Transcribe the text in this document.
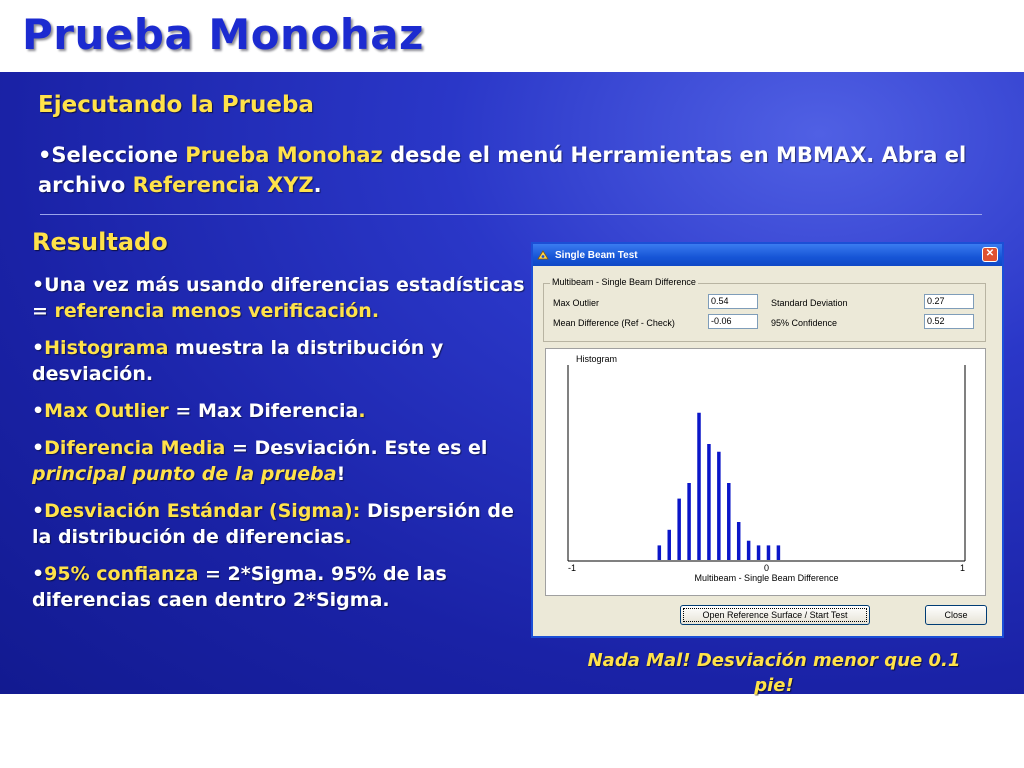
Prueba Monohaz
Ejecutando la Prueba
•Seleccione Prueba Monohaz desde el menú Herramientas en MBMAX. Abra el archivo Referencia XYZ.
Resultado

•Una vez más usando diferencias estadísticas = referencia menos verificación.

•Histograma muestra la distribución y desviación.

•Max Outlier = Max Diferencia.

•Diferencia Media = Desviación. Este es el principal punto de la prueba!

•Desviación Estándar (Sigma): Dispersión de la distribución de diferencias.

•95% confianza = 2*Sigma. 95% de las diferencias caen dentro 2*Sigma.

Single Beam Test	✕
Multibeam - Single Beam Difference
Max Outlier	0.54
Mean Difference (Ref - Check)	-0.06
Standard Deviation	0.27
95% Confidence	0.52
Histogram
-1	0	1
Multibeam - Single Beam Difference
Open Reference Surface / Start Test	Close
Nada Mal! Desviación menor que 0.1 pie!
